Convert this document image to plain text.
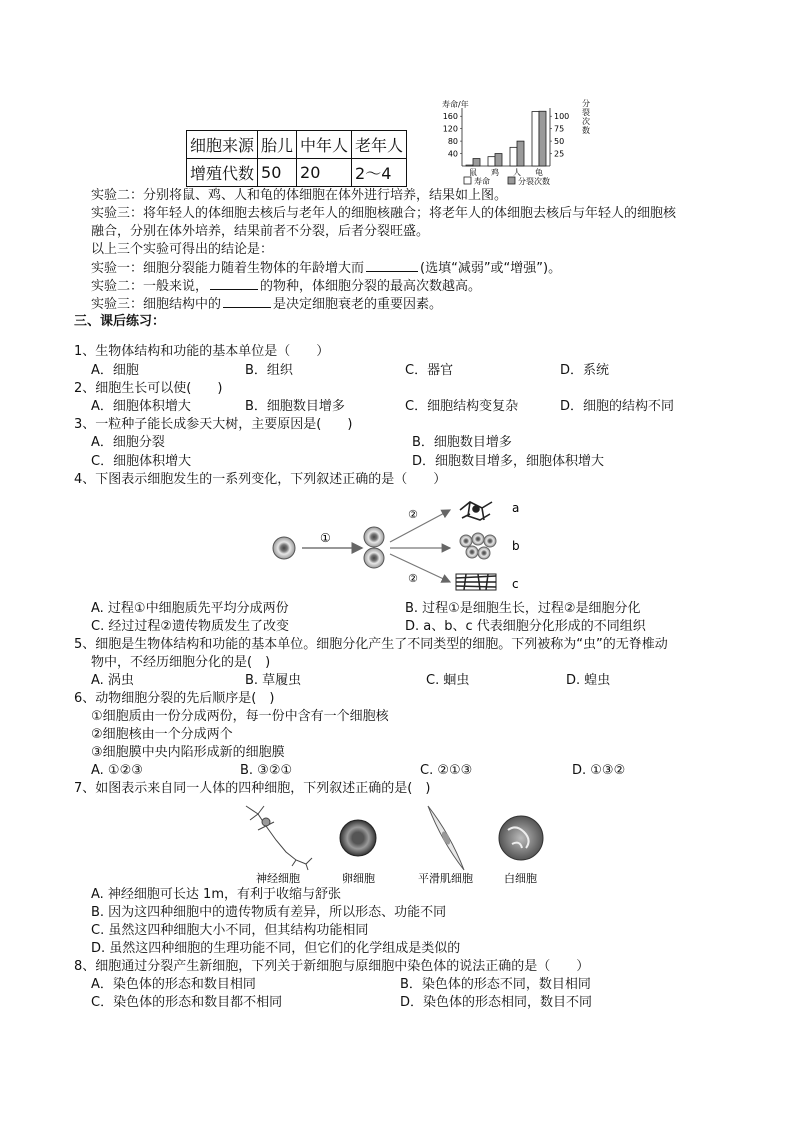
细胞来源	胎儿	中年人	老年人
增殖代数	50	20	2～4
寿命/年	分
裂
次
数
160
120
80
40
100
75
50
25
鼠 鸡 人 龟
寿命	分裂次数
实验二：分别将鼠、鸡、人和龟的体细胞在体外进行培养，结果如上图。
实验三：将年轻人的体细胞去核后与老年人的细胞核融合；将老年人的体细胞去核后与年轻人的细胞核
融合，分别在体外培养，结果前者不分裂，后者分裂旺盛。
以上三个实验可得出的结论是：
实验一：细胞分裂能力随着生物体的年龄增大而	(选填“减弱”或“增强”)。
实验二：一般来说，	的物种，体细胞分裂的最高次数越高。
实验三：细胞结构中的	是决定细胞衰老的重要因素。
三、课后练习：
1、生物体结构和功能的基本单位是（　　）
A．细胞	B．组织	C．器官	D．系统
2、细胞生长可以使(　　)
A．细胞体积增大	B．细胞数目增多	C．细胞结构变复杂	D．细胞的结构不同
3、一粒种子能长成参天大树，主要原因是(　　)
A．细胞分裂	B．细胞数目增多
C．细胞体积增大	D．细胞数目增多，细胞体积增大
4、下图表示细胞发生的一系列变化，下列叙述正确的是（　　）
①
②
②
a
b
c
A. 过程①中细胞质先平均分成两份	B. 过程①是细胞生长，过程②是细胞分化
C. 经过过程②遗传物质发生了改变	D. a、b、c 代表细胞分化形成的不同组织
5、细胞是生物体结构和功能的基本单位。细胞分化产生了不同类型的细胞。下列被称为“虫”的无脊椎动
物中，不经历细胞分化的是(　)
A. 涡虫	B. 草履虫	C. 蛔虫	D. 蝗虫
6、动物细胞分裂的先后顺序是(　)
①细胞质由一份分成两份，每一份中含有一个细胞核
②细胞核由一个分成两个
③细胞膜中央内陷形成新的细胞膜
A. ①②③	B. ③②①	C. ②①③	D. ①③②
7、如图表示来自同一人体的四种细胞，下列叙述正确的是(　)
神经细胞	卵细胞	平滑肌细胞	白细胞
A. 神经细胞可长达 1m，有利于收缩与舒张
B. 因为这四种细胞中的遗传物质有差异，所以形态、功能不同
C. 虽然这四种细胞大小不同，但其结构功能相同
D. 虽然这四种细胞的生理功能不同，但它们的化学组成是类似的
8、细胞通过分裂产生新细胞，下列关于新细胞与原细胞中染色体的说法正确的是（　　）
A．染色体的形态和数目相同	B．染色体的形态不同，数目相同
C．染色体的形态和数目都不相同	D．染色体的形态相同，数目不同
